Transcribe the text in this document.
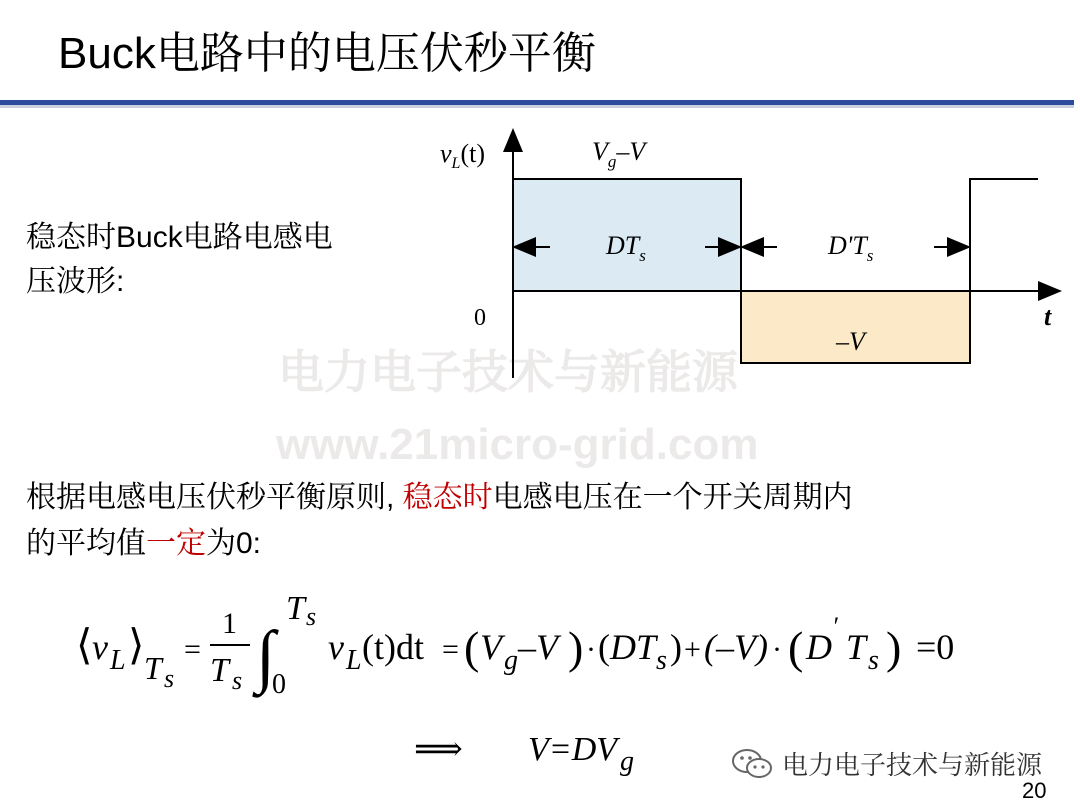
Buck电路中的电压伏秒平衡
电力电子技术与新能源
www.21micro-grid.com
稳态时Buck电路电感电
压波形:
$v_L(t)$	$V_g-V$
$DT_s$	$D'T_s$
0	t
–V
根据电感电压伏秒平衡原则, 稳态时电感电压在一个开关周期内
的平均值一定为0:
⟨ v L ⟩ T s
=
1
T s ∫
T s
0
v L (t)dt = ( V g –V ) · ( DT s ) + (–V) · ( D
′
T s ) =0
⟹ V=DV g	电力电子技术与新能源
20
